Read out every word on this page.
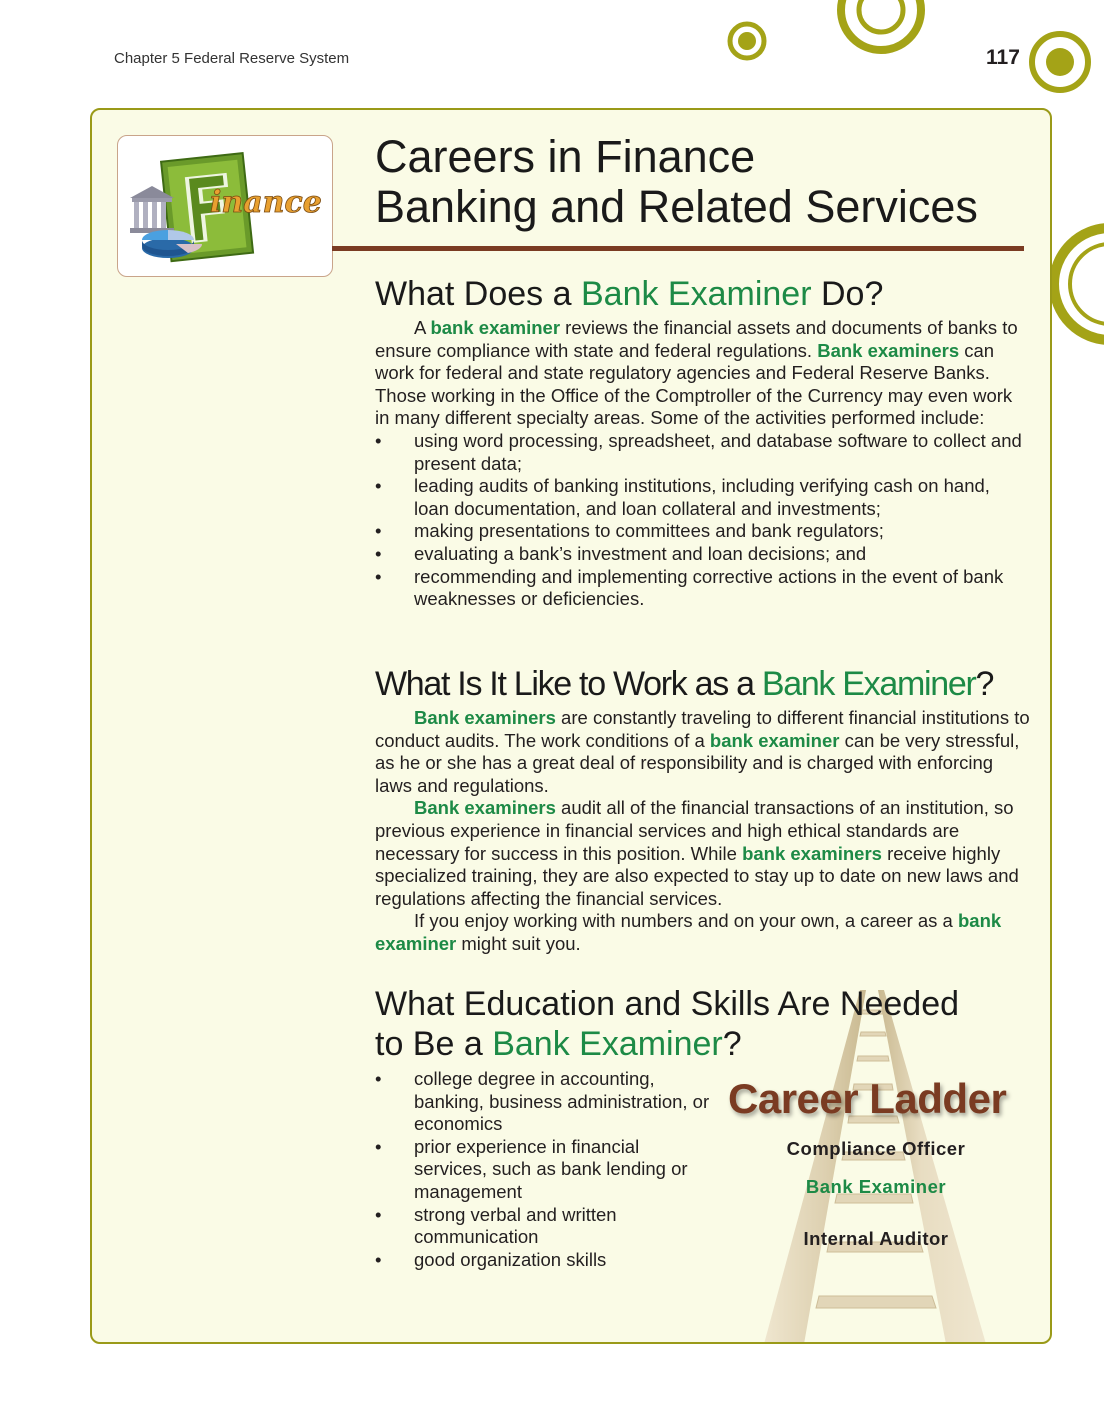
Chapter 5 Federal Reserve System	117
inance
Careers in Finance
Banking and Related Services
What Does a Bank Examiner Do?

A bank examiner reviews the financial assets and documents of banks to ensure compliance with state and federal regulations. Bank examiners can work for federal and state regulatory agencies and Federal Reserve Banks. Those working in the Office of the Comptroller of the Currency may even work in many different specialty areas. Some of the activities performed include:

• using word processing, spreadsheet, and database software to collect and present data;
• leading audits of banking institutions, including verifying cash on hand, loan documentation, and loan collateral and investments;
• making presentations to committees and bank regulators;
• evaluating a bank’s investment and loan decisions; and
• recommending and implementing corrective actions in the event of bank weaknesses or deficiencies.
What Is It Like to Work as a Bank Examiner?

Bank examiners are constantly traveling to different financial institutions to conduct audits. The work conditions of a bank examiner can be very stressful, as he or she has a great deal of responsibility and is charged with enforcing laws and regulations.

Bank examiners audit all of the financial transactions of an institution, so previous experience in financial services and high ethical standards are necessary for success in this position. While bank examiners receive highly specialized training, they are also expected to stay up to date on new laws and regulations affecting the financial services.

If you enjoy working with numbers and on your own, a career as a bank examiner might suit you.

What Education and Skills Are Needed
to Be a Bank Examiner?
• college degree in accounting, banking, business administration, or economics
• prior experience in financial services, such as bank lending or management
• strong verbal and written communication
• good organization skills
Career Ladder
Compliance Officer
Bank Examiner
Internal Auditor
